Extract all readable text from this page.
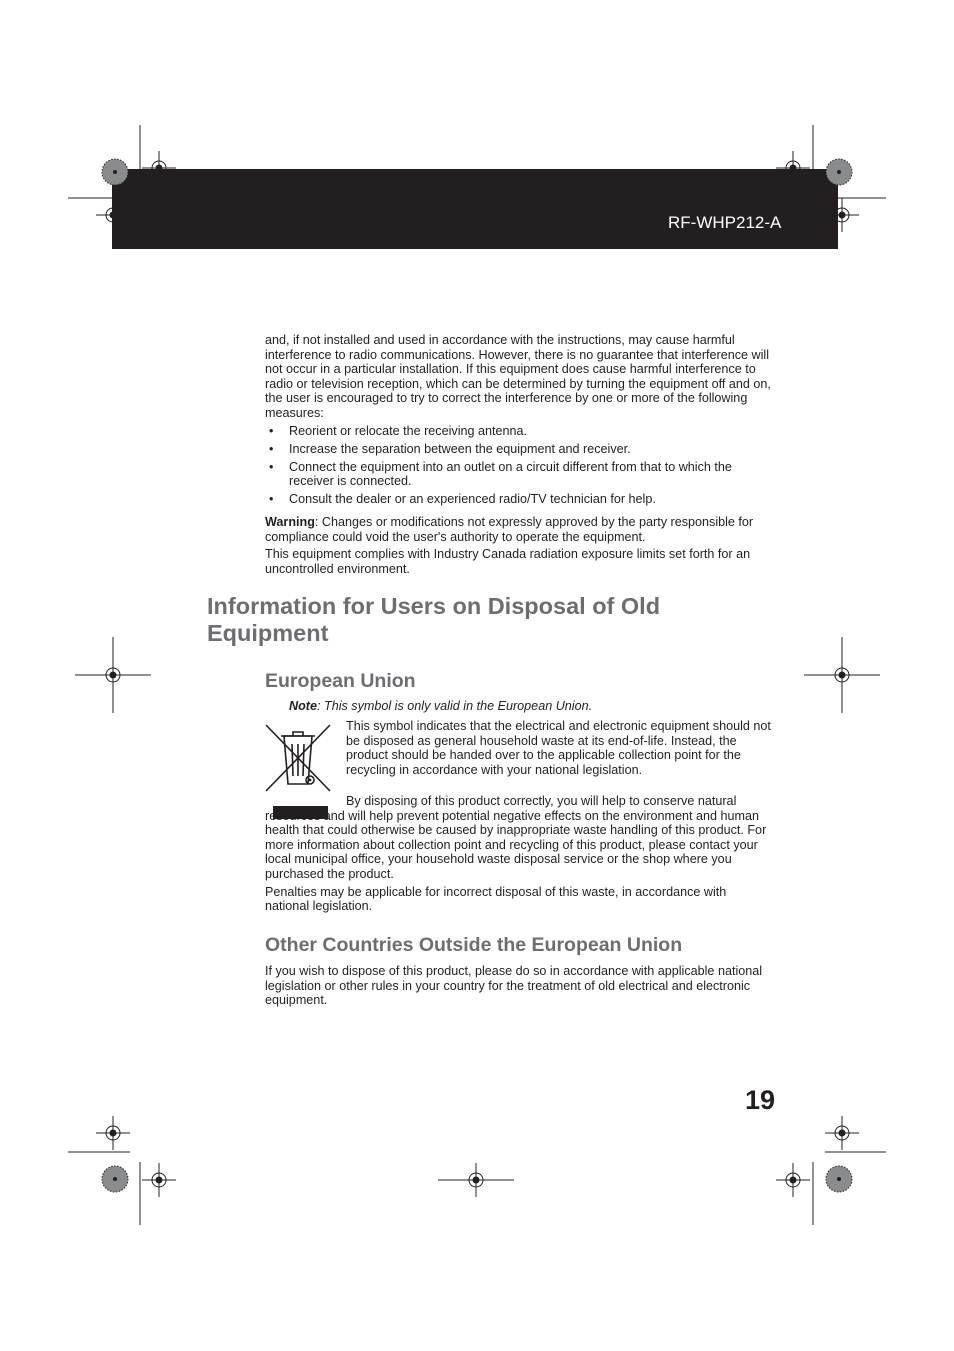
RF-WHP212-A

and, if not installed and used in accordance with the instructions, may cause harmful interference to radio communications. However, there is no guarantee that interference will not occur in a particular installation. If this equipment does cause harmful interference to radio or television reception, which can be determined by turning the equipment off and on, the user is encouraged to try to correct the interference by one or more of the following measures:

• Reorient or relocate the receiving antenna.
• Increase the separation between the equipment and receiver.
• Connect the equipment into an outlet on a circuit different from that to which the receiver is connected.
• Consult the dealer or an experienced radio/TV technician for help.

Warning: Changes or modifications not expressly approved by the party responsible for compliance could void the user's authority to operate the equipment.

This equipment complies with Industry Canada radiation exposure limits set forth for an uncontrolled environment.

Information for Users on Disposal of Old Equipment
European Union
Note: This symbol is only valid in the European Union.
This symbol indicates that the electrical and electronic equipment should not be disposed as general household waste at its end-of-life. Instead, the product should be handed over to the applicable collection point for the recycling in accordance with your national legislation.

By disposing of this product correctly, you will help to conserve natural resources and will help prevent potential negative effects on the environment and human health that could otherwise be caused by inappropriate waste handling of this product. For more information about collection point and recycling of this product, please contact your local municipal office, your household waste disposal service or the shop where you purchased the product.

Penalties may be applicable for incorrect disposal of this waste, in accordance with national legislation.

Other Countries Outside the European Union
If you wish to dispose of this product, please do so in accordance with applicable national legislation or other rules in your country for the treatment of old electrical and electronic equipment.
19
